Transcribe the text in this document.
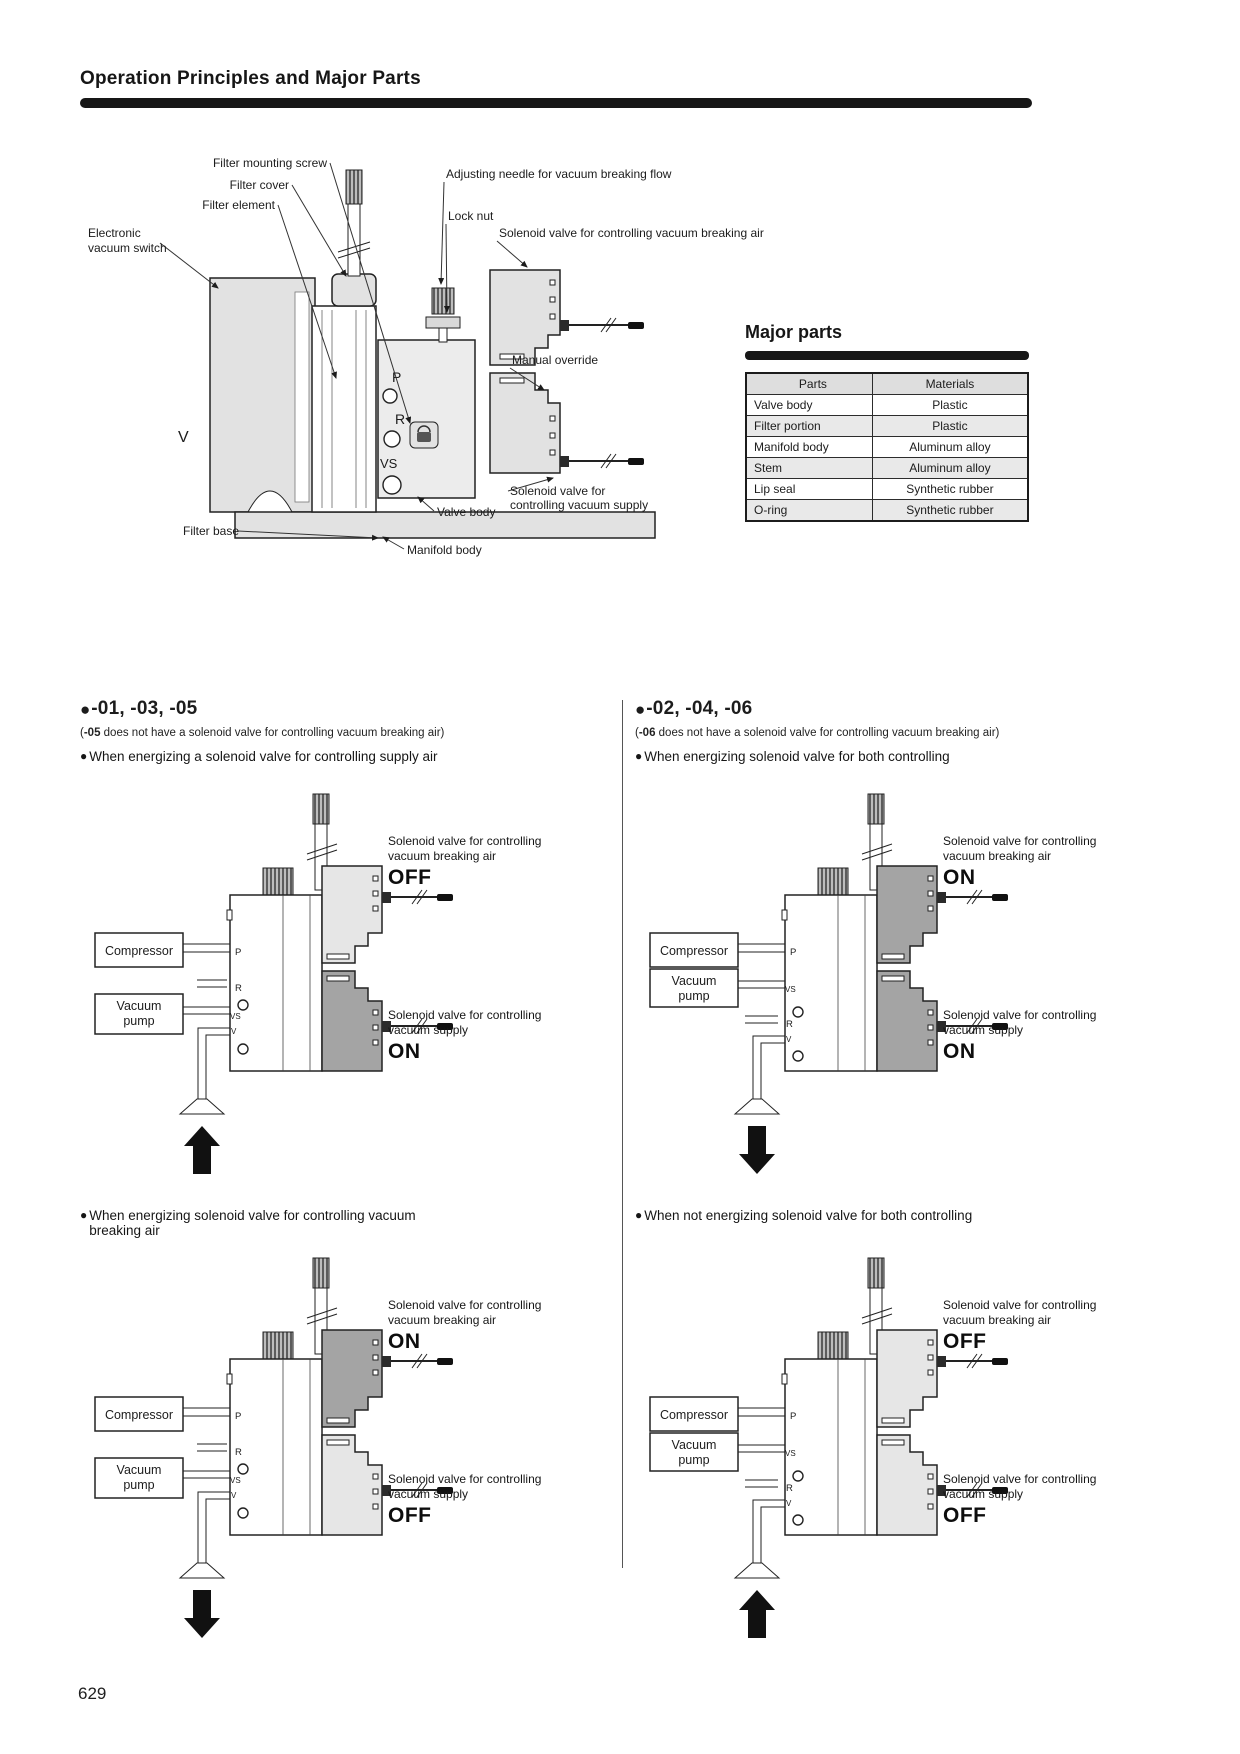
Operation Principles and Major Parts
P
R
VS
V
Filter mounting screw
Filter cover
Filter element
Electronic
vacuum switch
Adjusting needle for vacuum breaking flow
Lock nut
Solenoid valve for controlling vacuum breaking air
Manual override
Solenoid valve for
controlling vacuum supply
Valve body
Manifold body
Filter base
Major parts
Parts	Materials
Valve body	Plastic
Filter portion	Plastic
Manifold body	Aluminum alloy
Stem	Aluminum alloy
Lip seal	Synthetic rubber
O-ring	Synthetic rubber
● -01, -03, -05
(-05 does not have a solenoid valve for controlling vacuum breaking air)
● When energizing a solenoid valve for controlling supply air
● -02, -04, -06
(-06 does not have a solenoid valve for controlling vacuum breaking air)
● When energizing solenoid valve for both controlling
Solenoid valve for controlling
vacuum breaking air
OFF
Solenoid valve for controlling
vacuum supply
ON
Solenoid valve for controlling
vacuum breaking air
ON
Solenoid valve for controlling
vacuum supply
ON
● When energizing solenoid valve for controlling vacuum
breaking air
● When not energizing solenoid valve for both controlling
Solenoid valve for controlling
vacuum breaking air
ON
Solenoid valve for controlling
vacuum supply
OFF
Solenoid valve for controlling
vacuum breaking air
OFF
Solenoid valve for controlling
vacuum supply
OFF
629
